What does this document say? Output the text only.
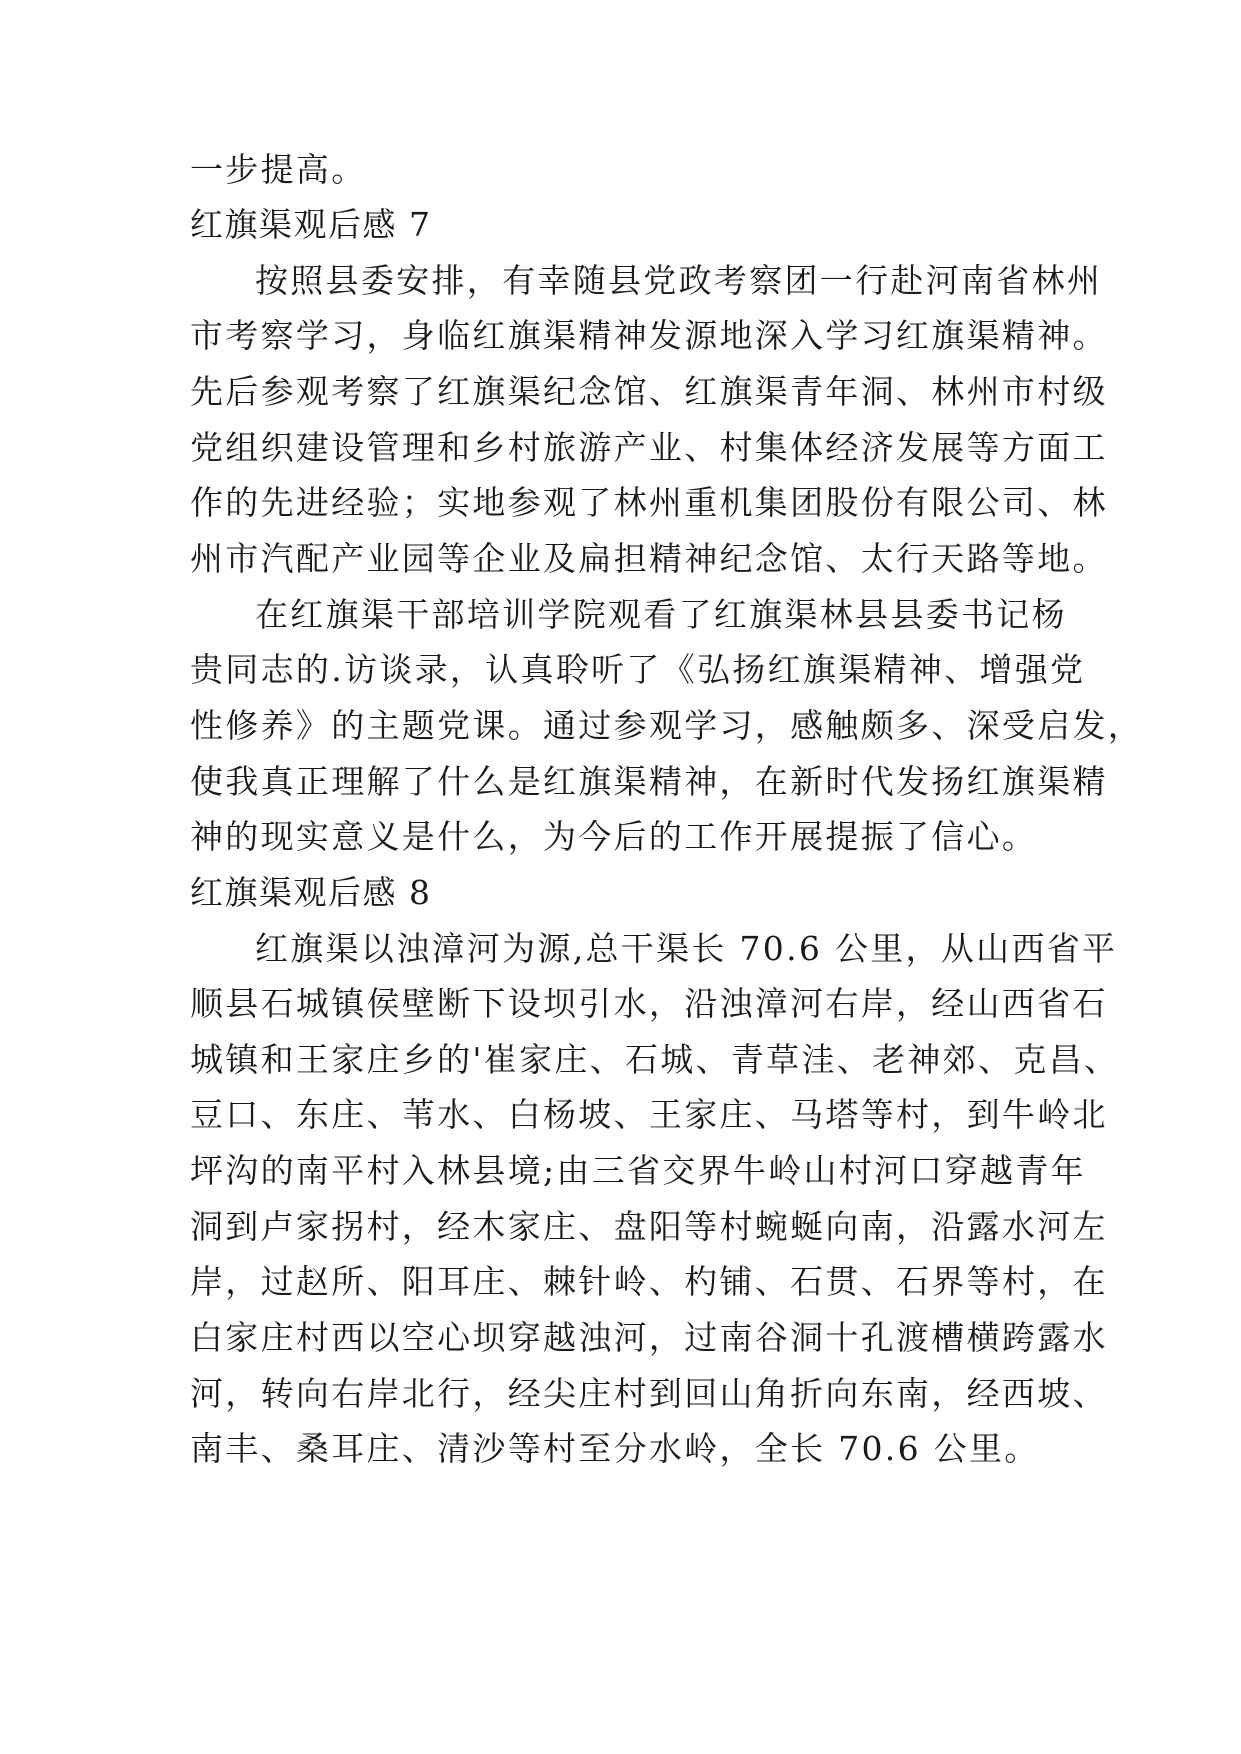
一步提高。
红旗渠观后感 7
按照县委安排，有幸随县党政考察团一行赴河南省林州
市考察学习，身临红旗渠精神发源地深入学习红旗渠精神。
先后参观考察了红旗渠纪念馆、红旗渠青年洞、林州市村级
党组织建设管理和乡村旅游产业、村集体经济发展等方面工
作的先进经验；实地参观了林州重机集团股份有限公司、林
州市汽配产业园等企业及扁担精神纪念馆、太行天路等地。
在红旗渠干部培训学院观看了红旗渠林县县委书记杨
贵同志的.访谈录，认真聆听了《弘扬红旗渠精神、增强党
性修养》的主题党课。通过参观学习，感触颇多、深受启发，
使我真正理解了什么是红旗渠精神，在新时代发扬红旗渠精
神的现实意义是什么，为今后的工作开展提振了信心。
红旗渠观后感 8
红旗渠以浊漳河为源,总干渠长 70.6 公里，从山西省平
顺县石城镇侯壁断下设坝引水，沿浊漳河右岸，经山西省石
城镇和王家庄乡的'崔家庄、石城、青草洼、老神郊、克昌、
豆口、东庄、苇水、白杨坡、王家庄、马塔等村，到牛岭北
坪沟的南平村入林县境;由三省交界牛岭山村河口穿越青年
洞到卢家拐村，经木家庄、盘阳等村蜿蜒向南，沿露水河左
岸，过赵所、阳耳庄、棘针岭、杓铺、石贯、石界等村，在
白家庄村西以空心坝穿越浊河，过南谷洞十孔渡槽横跨露水
河，转向右岸北行，经尖庄村到回山角折向东南，经西坡、
南丰、桑耳庄、清沙等村至分水岭，全长 70.6 公里。
